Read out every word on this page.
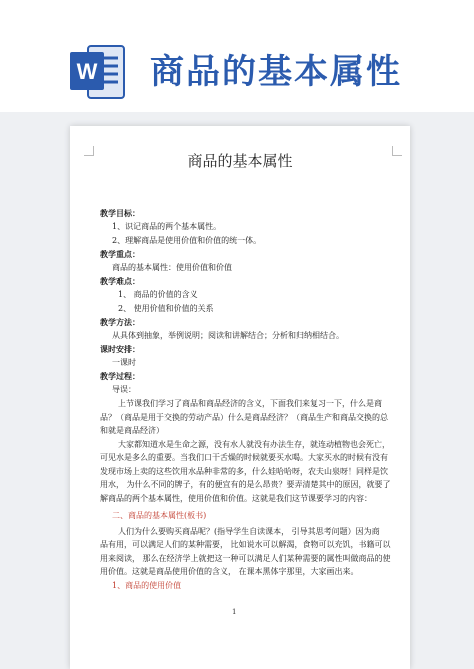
W 商品的基本属性
商品的基本属性
教学目标：
1、识记商品的两个基本属性。
2、理解商品是使用价值和价值的统一体。
教学重点：
商品的基本属性：使用价值和价值
教学难点：
1、 商品的价值的含义
2、 使用价值和价值的关系
教学方法：
从具体到抽象，举例说明；阅读和讲解结合；分析和归纳相结合。
课时安排：
一课时
教学过程：
导误：
上节课我们学习了商品和商品经济的含义，下面我们来复习一下，什么是商
品？（商品是用于交换的劳动产品）什么是商品经济？（商品生产和商品交换的总
和就是商品经济）
大家都知道水是生命之源，没有水人就没有办法生存，就连动植物也会死亡，
可见水是多么的重要。当我们口干舌燥的时候就要买水喝。大家买水的时候有没有
发现市场上卖的这些饮用水品种非常的多，什么娃哈哈呀，农夫山泉呀！同样是饮
用水， 为什么不同的牌子，有的便宜有的是么昂贵？要弄清楚其中的原因，就要了
解商品的两个基本属性，使用价值和价值。这就是我们这节课要学习的内容：
二、商品的基本属性(板书)
人们为什么要购买商品呢？(指导学生自读课本， 引导其思考问题）因为商
品有用，可以满足人们的某种需要， 比如说水可以解渴，食物可以充饥，书籍可以
用来阅读， 那么在经济学上就把这一种可以满足人们某种需要的属性叫做商品的使
用价值。这就是商品使用价值的含义， 在课本黑体字那里，大家画出来。
1、商品的使用价值
1
